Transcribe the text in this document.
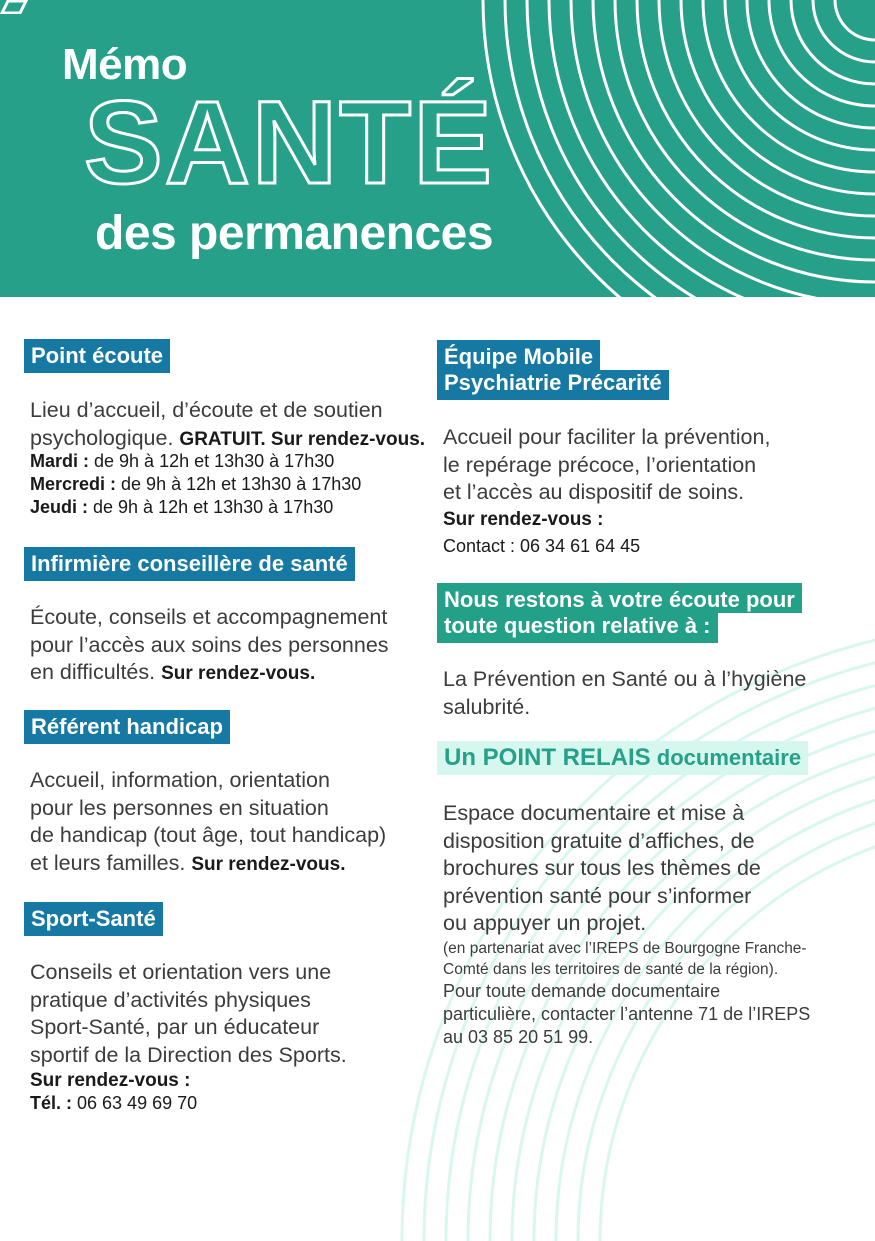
Mémo
SANTÉ
des permanences
Point écoute
Lieu d’accueil, d’écoute et de soutien
psychologique. GRATUIT. Sur rendez-vous.
Mardi : de 9h à 12h et 13h30 à 17h30
Mercredi : de 9h à 12h et 13h30 à 17h30
Jeudi : de 9h à 12h et 13h30 à 17h30
Infirmière conseillère de santé
Écoute, conseils et accompagnement
pour l’accès aux soins des personnes
en difficultés. Sur rendez-vous.
Référent handicap
Accueil, information, orientation
pour les personnes en situation
de handicap (tout âge, tout handicap)
et leurs familles. Sur rendez-vous.
Sport-Santé
Conseils et orientation vers une
pratique d’activités physiques
Sport-Santé, par un éducateur
sportif de la Direction des Sports.
Sur rendez-vous :
Tél. : 06 63 49 69 70
Équipe Mobile
Psychiatrie Précarité
Accueil pour faciliter la prévention,
le repérage précoce, l’orientation
et l’accès au dispositif de soins.
Sur rendez-vous :
Contact : 06 34 61 64 45
Nous restons à votre écoute pour
toute question relative à :
La Prévention en Santé ou à l’hygiène
salubrité.
Un POINT RELAIS documentaire
Espace documentaire et mise à
disposition gratuite d’affiches, de
brochures sur tous les thèmes de
prévention santé pour s’informer
ou appuyer un projet.
(en partenariat avec l’IREPS de Bourgogne Franche-
Comté dans les territoires de santé de la région).
Pour toute demande documentaire
particulière, contacter l’antenne 71 de l’IREPS
au 03 85 20 51 99.
